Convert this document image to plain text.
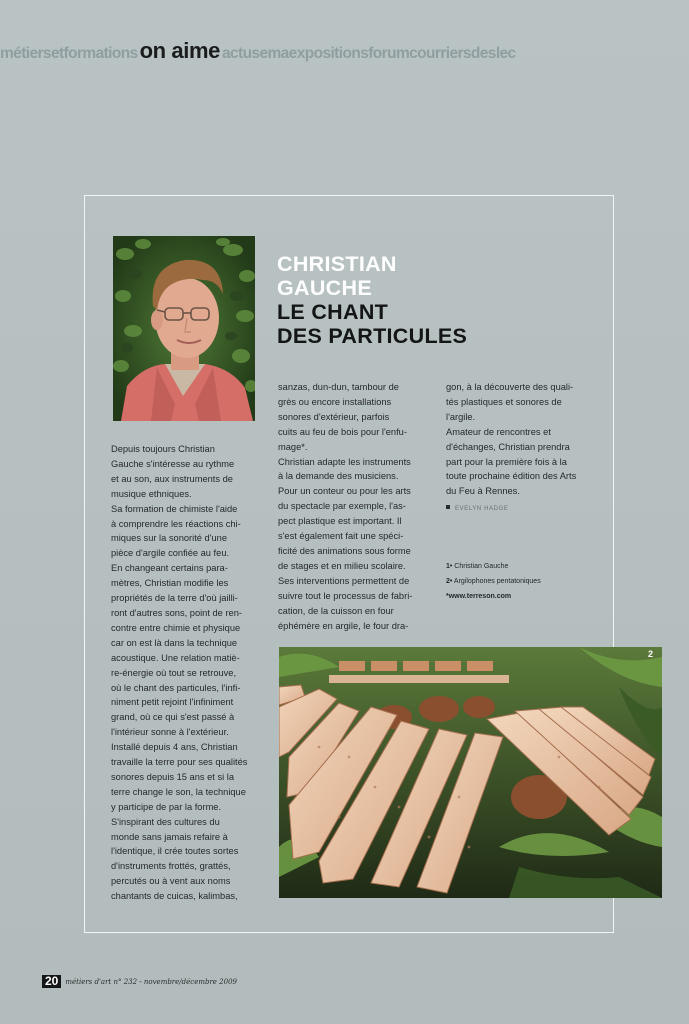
métiersetformationson aime actusemaexpositionsforumcourriersdeslec

CHRISTIAN

GAUCHE

LE CHANT

DES PARTICULES

Depuis toujours Christian

Gauche s'intéresse au rythme

et au son, aux instruments de

musique ethniques.

Sa formation de chimiste l'aide

à comprendre les réactions chi-

miques sur la sonorité d'une

pièce d'argile confiée au feu.

En changeant certains para-

mètres, Christian modifie les

propriétés de la terre d'où jailli-

ront d'autres sons, point de ren-

contre entre chimie et physique

car on est là dans la technique

acoustique. Une relation matiè-

re-énergie où tout se retrouve,

où le chant des particules, l'infi-

niment petit rejoint l'infiniment

grand, où ce qui s'est passé à

l'intérieur sonne à l'extérieur.

Installé depuis 4 ans, Christian

travaille la terre pour ses qualités

sonores depuis 15 ans et si la

terre change le son, la technique

y participe de par la forme.

S'inspirant des cultures du

monde sans jamais refaire à

l'identique, il crée toutes sortes

d'instruments frottés, grattés,

percutés ou à vent aux noms

chantants de cuicas, kalimbas,

sanzas, dun-dun, tambour de

grès ou encore installations

sonores d'extérieur, parfois

cuits au feu de bois pour l'enfu-

mage*.

Christian adapte les instruments

à la demande des musiciens.

Pour un conteur ou pour les arts

du spectacle par exemple, l'as-

pect plastique est important. Il

s'est également fait une spéci-

ficité des animations sous forme

de stages et en milieu scolaire.

Ses interventions permettent de

suivre tout le processus de fabri-

cation, de la cuisson en four

éphémère en argile, le four dra-

gon, à la découverte des quali-

tés plastiques et sonores de

l'argile.

Amateur de rencontres et

d'échanges, Christian prendra

part pour la première fois à la

toute prochaine édition des Arts

du Feu à Rennes.

EVELYN HADGE
1• Christian Gauche
2• Argilophones pentatoniques
*www.terreson.com
2
20 métiers d'art n° 232 - novembre/décembre 2009
